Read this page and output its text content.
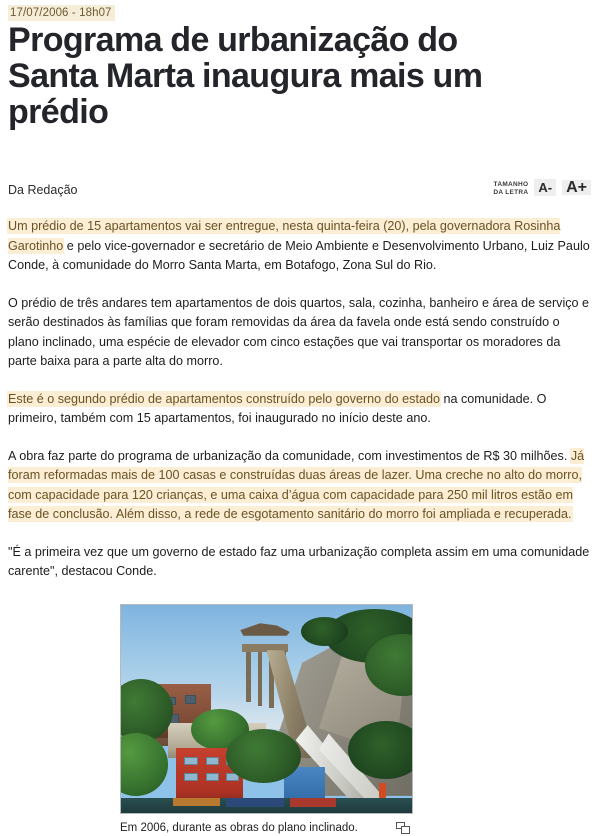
17/07/2006 - 18h07
Programa de urbanização do Santa Marta inaugura mais um prédio
Da Redação	TAMANHO
DA LETRA A- A+

Um prédio de 15 apartamentos vai ser entregue, nesta quinta-feira (20), pela governadora Rosinha Garotinho e pelo vice-governador e secretário de Meio Ambiente e Desenvolvimento Urbano, Luiz Paulo Conde, à comunidade do Morro Santa Marta, em Botafogo, Zona Sul do Rio.

O prédio de três andares tem apartamentos de dois quartos, sala, cozinha, banheiro e área de serviço e serão destinados às famílias que foram removidas da área da favela onde está sendo construído o plano inclinado, uma espécie de elevador com cinco estações que vai transportar os moradores da parte baixa para a parte alta do morro.

Este é o segundo prédio de apartamentos construído pelo governo do estado na comunidade. O primeiro, também com 15 apartamentos, foi inaugurado no início deste ano.

A obra faz parte do programa de urbanização da comunidade, com investimentos de R$ 30 milhões. Já foram reformadas mais de 100 casas e construídas duas áreas de lazer. Uma creche no alto do morro, com capacidade para 120 crianças, e uma caixa d’água com capacidade para 250 mil litros estão em fase de conclusão. Além disso, a rede de esgotamento sanitário do morro foi ampliada e recuperada.

"É a primeira vez que um governo de estado faz uma urbanização completa assim em uma comunidade carente", destacou Conde.

Em 2006, durante as obras do plano inclinado.
